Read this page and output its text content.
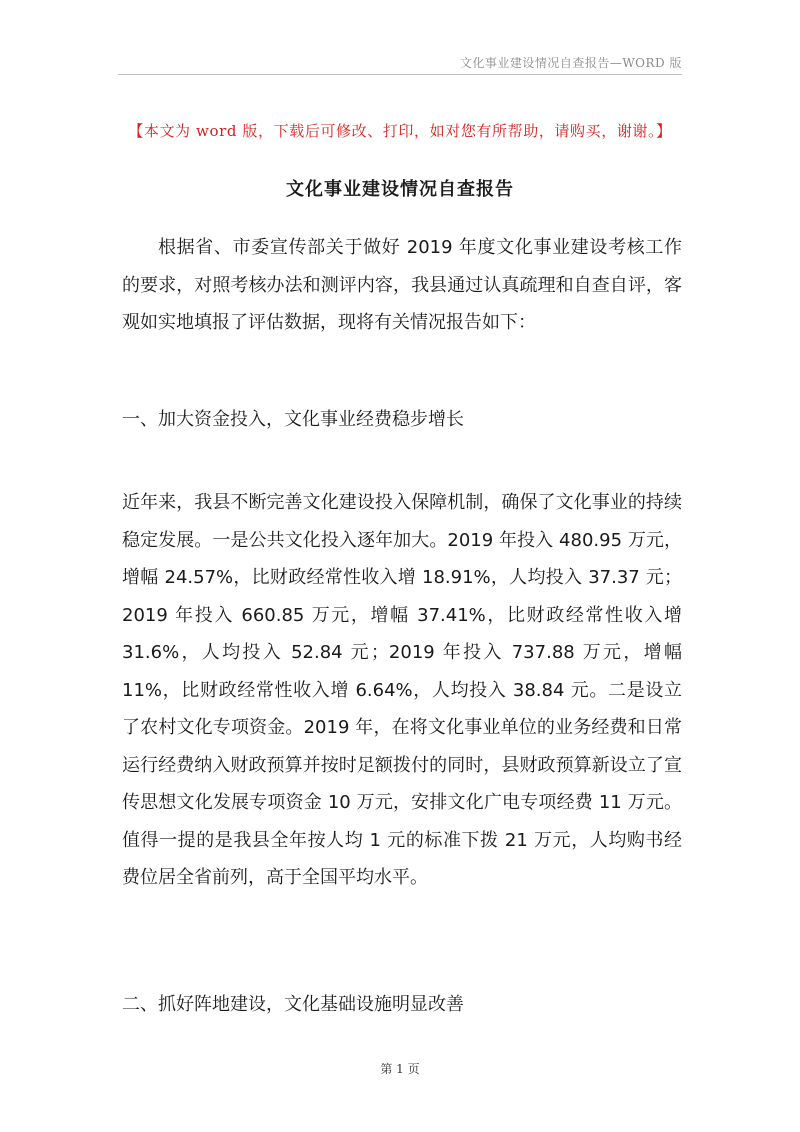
文化事业建设情况自查报告—WORD 版
【本文为 word 版，下载后可修改、打印，如对您有所帮助，请购买，谢谢。】
文化事业建设情况自查报告
根据省、市委宣传部关于做好 2019 年度文化事业建设考核工作的要求，对照考核办法和测评内容，我县通过认真疏理和自查自评，客观如实地填报了评估数据，现将有关情况报告如下：
一、加大资金投入，文化事业经费稳步增长
近年来，我县不断完善文化建设投入保障机制，确保了文化事业的持续稳定发展。一是公共文化投入逐年加大。2019 年投入 480.95 万元，增幅 24.57%，比财政经常性收入增 18.91%，人均投入 37.37 元；2019 年投入 660.85 万元，增幅 37.41%，比财政经常性收入增 31.6%，人均投入 52.84 元；2019 年投入 737.88 万元，增幅 11%，比财政经常性收入增 6.64%，人均投入 38.84 元。二是设立了农村文化专项资金。2019 年，在将文化事业单位的业务经费和日常运行经费纳入财政预算并按时足额拨付的同时，县财政预算新设立了宣传思想文化发展专项资金 10 万元，安排文化广电专项经费 11 万元。值得一提的是我县全年按人均 1 元的标准下拨 21 万元，人均购书经费位居全省前列，高于全国平均水平。
二、抓好阵地建设，文化基础设施明显改善
第 1 页
